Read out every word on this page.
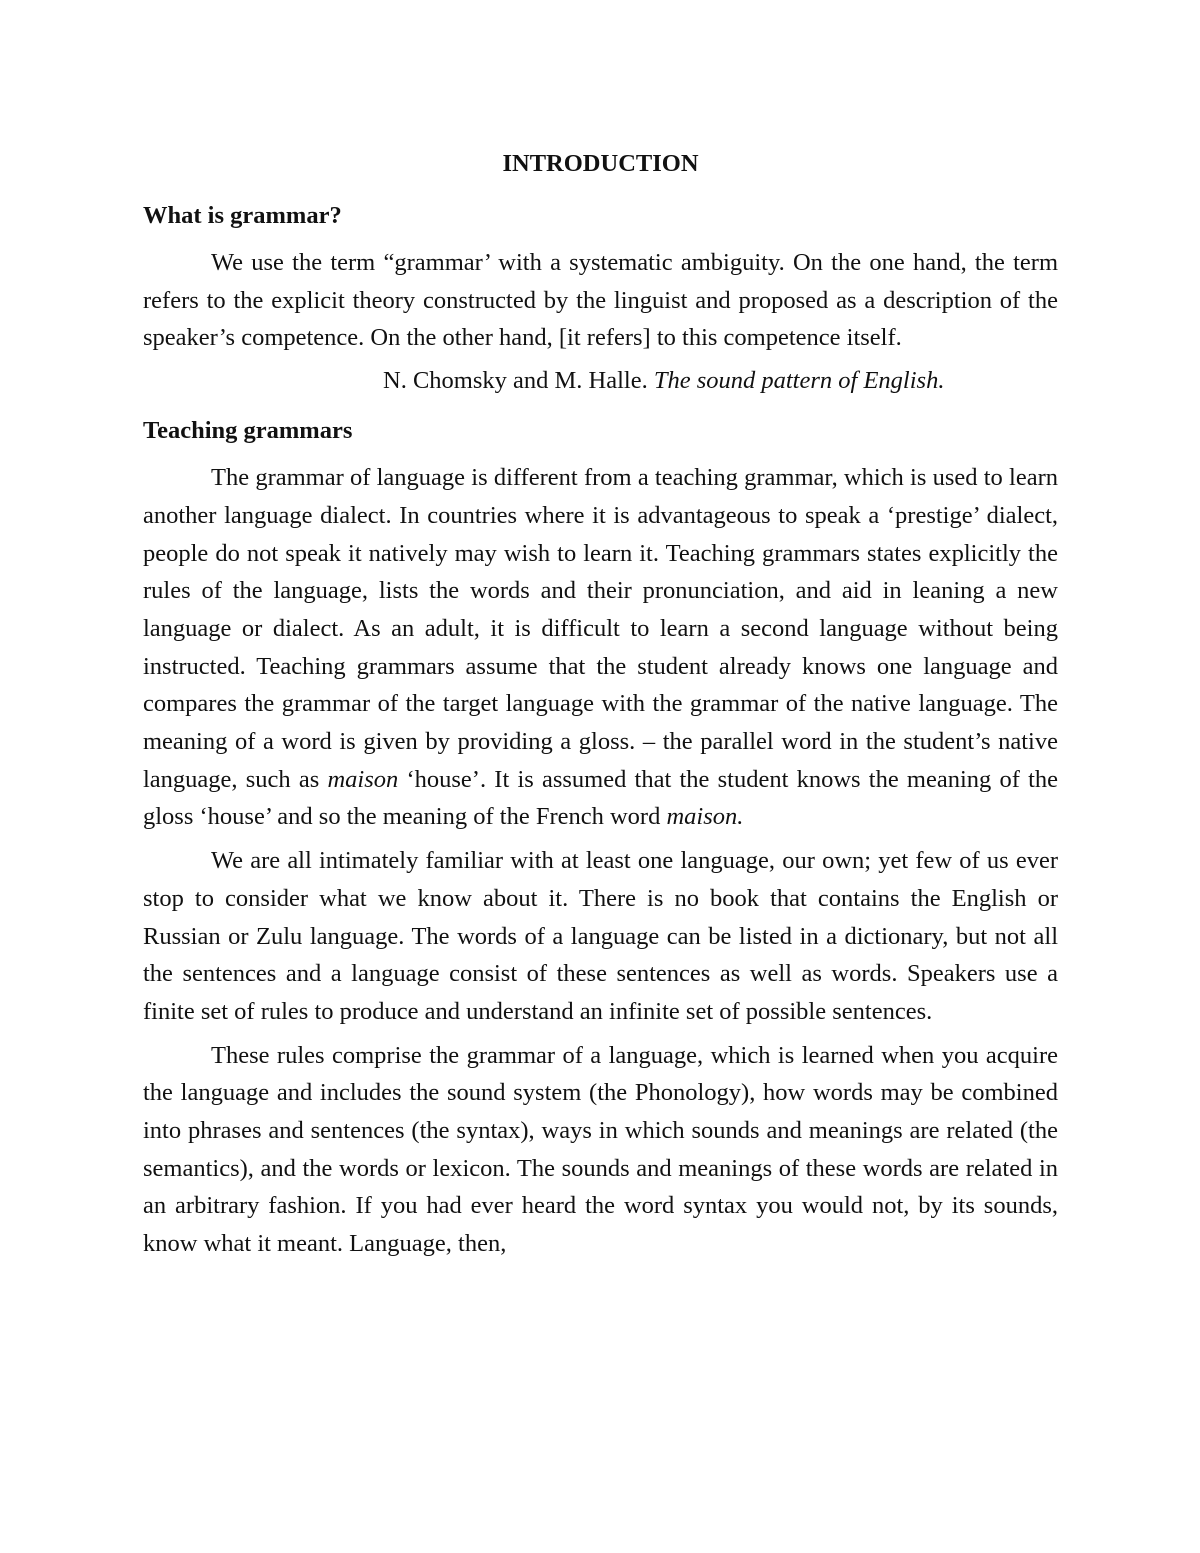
INTRODUCTION
What is grammar?

We use the term “grammar’ with a systematic ambiguity. On the one hand, the term refers to the explicit theory constructed by the linguist and proposed as a description of the speaker’s competence. On the other hand, [it refers] to this competence itself.

N. Chomsky and M. Halle. The sound pattern of English.
Teaching grammars

The grammar of language is different from a teaching grammar, which is used to learn another language dialect. In countries where it is advantageous to speak a ‘prestige’ dialect, people do not speak it natively may wish to learn it. Teaching grammars states explicitly the rules of the language, lists the words and their pronunciation, and aid in leaning a new language or dialect. As an adult, it is difficult to learn a second language without being instructed. Teaching grammars assume that the student already knows one language and compares the grammar of the target language with the grammar of the native language. The meaning of a word is given by providing a gloss. – the parallel word in the student’s native language, such as maison ‘house’. It is assumed that the student knows the meaning of the gloss ‘house’ and so the meaning of the French word maison.

We are all intimately familiar with at least one language, our own; yet few of us ever stop to consider what we know about it. There is no book that contains the English or Russian or Zulu language. The words of a language can be listed in a dictionary, but not all the sentences and a language consist of these sentences as well as words. Speakers use a finite set of rules to produce and understand an infinite set of possible sentences.

These rules comprise the grammar of a language, which is learned when you acquire the language and includes the sound system (the Phonology), how words may be combined into phrases and sentences (the syntax), ways in which sounds and meanings are related (the semantics), and the words or lexicon. The sounds and meanings of these words are related in an arbitrary fashion. If you had ever heard the word syntax you would not, by its sounds, know what it meant. Language, then,
